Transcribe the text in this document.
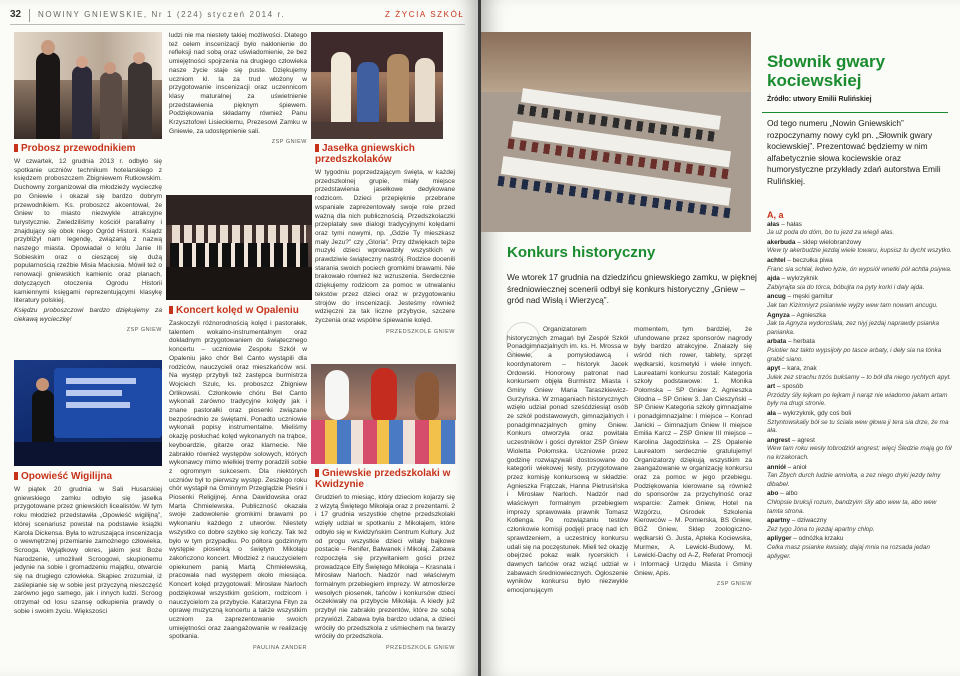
32 NOWINY GNIEWSKIE, Nr 1 (224) styczeń 2014 r.	Z ŻYCIA SZKÓŁ
FOT. ZS OPALENIE
Probosz przewodnikiem

W czwartek, 12 grudnia 2013 r. odbyło się spotkanie uczniów technikum hotelarskiego z księdzem proboszczem Zbigniewem Rutkowskim. Duchowny zorganizował dla młodzieży wycieczkę po Gniewie i okazał się bardzo dobrym przewodnikiem. Ks. proboszcz akcentował, że Gniew to miasto niezwykle atrakcyjne turystycznie. Zwiedziliśmy kościół parafialny i znajdujący się obok niego Ogród Historii. Ksiądz przybliżył nam legendę, związaną z nazwą naszego miasta. Opowiadał o królu Janie III Sobieskim oraz o cieszącej się dużą popularnością rzeźbie Misia Maciusia. Mówił też o renowacji gniewskich kamienic oraz planach, dotyczących otoczenia Ogrodu Historii kamiennymi księgami reprezentującymi klasykę literatury polskiej.

Księdzu proboszczowi bardzo dziękujemy za ciekawą wycieczkę!

ZSP GNIEW
Opowieść Wigilijna

W piątek 20 grudnia w Sali Husarskiej gniewskiego zamku odbyło się jasełka przygotowane przez gniewskich licealistów. W tym roku młodzież przedstawiła „Opowieść wigilijną”, której scenariusz powstał na podstawie książki Karola Dickensa. Była to wzruszająca inscenizacja o wewnętrznej przemianie zamożnego człowieka, Scrooga. Wyjątkowy okres, jakim jest Boże Narodzenie, umożliwił Scroogowi, skupionemu jedynie na sobie i gromadzeniu majątku, otwarcie się na drugiego człowieka. Skąpiec zrozumiał, iż zaślepianie się w sobie jest przyczyną nieszczęść zarówno jego samego, jak i innych ludzi. Scroog otrzymał od losu szansę odkupienia prawdy o sobie i swoim życiu. Większości

ludzi nie ma niestety takiej możliwości. Dlatego też celem inscenizacji było nakłonienie do refleksji nad sobą oraz uświadomienie, że bez umiejętności spojrzenia na drugiego człowieka nasze życie staje się puste. Dziękujemy uczniom kl. Ia za trud włożony w przygotowanie inscenizacji oraz uczennicom klasy maturalnej za uświetnienie przedstawienia pięknym śpiewem. Podziękowania składamy również Panu Krzysztofowi Lisieckiemu, Prezesowi Zamku w Gniewie, za udostępnienie sali.

ZSP GNIEW
Koncert kolęd w Opaleniu

Zaskoczyli różnorodnością kolęd i pastorałek, talentem wokalno-instrumentalnym oraz dokładnym przygotowaniem do świątecznego koncertu – uczniowie Zespołu Szkół w Opaleniu jako chór Bel Canto wystąpili dla rodziców, nauczycieli oraz mieszkańców wsi. Na występ przybyli też zastępca burmistrza Wojciech Szulc, ks. proboszcz Zbigniew Orlikowski. Członkowie chóru Bel Canto wykonali zarówno tradycyjne kolędy jak i znane pastorałki oraz piosenki związane bezpośrednio ze świętami. Ponadto uczniowie wykonali popisy instrumentalne. Mieliśmy okazję posłuchać kolęd wykonanych na trąbce, keyboardzie, gitarze oraz klarnecie. Nie zabrakło również występów solowych, których wykonawcy mimo wielkiej tremy poradzili sobie z ogromnym sukcesem. Dla niektórych uczniów był to pierwszy występ. Zeszłego roku chór wystąpił na Gminnym Przeglądzie Pieśni i Piosenki Religijnej. Anna Dawidowska oraz Marta Chmielewska. Publiczność okazała swoje zadowolenie gromkimi brawami po wykonaniu każdego z utworów. Niestety wszystko co dobre szybko się kończy. Tak też było w tym przypadku. Po półtora godzinnym występie piosenką o świętym Mikołaju zakończono koncert. Młodzież z nauczycielem opiekunem panią Martą Chmielewską, pracowała nad występem około miesiąca. Koncert kolęd przygotowali: Mirosław Narloch podziękował wszystkim gościom, rodzicom i nauczycielom za przybycie. Katarzyna Fityn za oprawę muzyczną koncertu a także wszystkim uczniom za zaprezentowanie swoich umiejętności oraz zaangażowanie w realizację spotkania.

PAULINA ZANDER
Jasełka gniewskich przedszkolaków

W tygodniu poprzedzającym święta, w każdej przedszkolnej grupie, miały miejsce przedstawienia jasełkowe dedykowane rodzicom. Dzieci przepięknie przebrane wspaniale zaprezentowały swoje role przed ważną dla nich publicznością. Przedszkolaczki przeplatały swe dialogi tradycyjnymi kolędami oraz tymi nowymi, np. „Gdzie Ty mieszkasz mały Jezu?” czy „Gloria”. Przy dźwiękach tejże muzyki dzieci wprowadziły wszystkich w prawdziwie świąteczny nastrój. Rodzice docenili starania swoich pociech gromkimi brawami. Nie brakowało również łez wzruszenia. Serdecznie dziękujemy rodzicom za pomoc w utrwalaniu tekstów przez dzieci oraz w przygotowaniu strojów do inscenizacji. Jesteśmy również wdzięczni za tak liczne przybycie, szczere życzenia oraz wspólne śpiewanie kolęd.

PRZEDSZKOLE GNIEW
Gniewskie przedszkolaki w Kwidzynie

Grudzień to miesiąc, który dzieciom kojarzy się z wizytą Świętego Mikołaja oraz z prezentami. 2 i 17 grudnia wszystkie chętne przedszkolaki wzięły udział w spotkaniu z Mikołajem, które odbyło się w Kwidzyńskim Centrum Kultury. Już od progu wszystkie dzieci witały bajkowe postacie – Renifer, Bałwanek i Mikołaj. Zabawa rozpoczęła się przywitaniem gości przez prowadzące Elfy Świętego Mikołaja – Krasnala i Mirosław Narloch. Nadzór nad właściwym formalnym przebiegiem imprezy. W atmosferze wesołych piosenek, tańców i konkursów dzieci oczekiwały na przybycie Mikołaja. A kiedy już przybył nie zabrakło prezentów, które ze sobą przywiózł. Zabawa była bardzo udana, a dzieci wróciły do przedszkola z uśmiechem na twarzy wróciły do przedszkola.

PRZEDSZKOLE GNIEW
Słownik gwary kociewskiej
Źródło: utwory Emilii Rulińskiej
Od tego numeru „Nowin Gniewskich” rozpoczynamy nowy cykl pn. „Słownik gwary kociewskiej”. Prezentować będziemy w nim alfabetycznie słowa kociewskie oraz humorystyczne przykłady zdań autorstwa Emili Rulińskiej.
A, a
ałas – hałas
Ja uż poda do dóm, bo tu jezd za wiegli ałas.
akerbuda – sklep wielobranżowy
Wew ty akerbudzie jezdaj wiele towaru, kupsisz tu dycht wszytko.
achtel – beczułka piwa
Franc sia schlał, ledwo łyzie, ón wypsiół wnetki pół achtla psiywa.
ajda – wykrzyknik
Zabiyrajta sia do tórca, bóbujta na pyty korki i daly ajda.
ancug – męski garnitur
Jak tan Kizimniyrz psianiwie wyjzy wew tam nowam ancugu.
Agnyza – Agnieszka
Jak ta Agnyza wydoroślała, zez niyj jezdaj naprawdy psianka panianka.
arbata – herbata
Psiotier tez takto wypsijoły po tasce arbaty, i deły sia na tónka grabić siano.
apyt – kara, znak
Julek zez strachu trzós bukśamy – to bół dla niego rychtych apyt.
art – sposób
Przódzy śliy lejkam po lejkam ji narąz nie wiadomo jakam artam były na drugi stronie.
ała – wykrzyknik, gdy coś boli
Sztyntowskaliy bół se tu ściała wew głowa ji tera sia drze, że ma ała.
angrest – agrest
Wew tam roku wesły tobrodziół angrest; więcj Śledzie mają go fół na krzakorach.
anniół – anioł
Tan Zbych durch ludzie anniołta, a zez niego dryki jezdy telny dibabeł.
abo – albo
Chłopsie bruksji rozum, bandzyim śliy abo wew ta, abo wew tamta strona.
apartny – dziwaczny
Zez tygo Jóna to jezdaj apartny chłop.
apliyger – odnóżka krzaku
Celka masz psianke kwsiaty, dajaj mnia na rozsada jedan apliyger.
Konkurs historyczny
We wtorek 17 grudnia na dziedzińcu gniewskiego zamku, w pięknej średniowiecznej scenerii odbył się konkurs historyczny „Gniew – gród nad Wisłą i Wierzycą”.

Organizatorem historycznych zmagań był Zespół Szkół Ponadgimnazjalnych im. ks. H. Mrossa w Gniewie, a pomysłodawcą i koordynatorem – historyk Jacek Ordowski. Honorowy patronat nad konkursem objęła Burmistrz Miasta i Gminy Gniew Maria Taraszkiewicz-Gurzyńska. W zmaganiach historycznych wzięło udział ponad sześćdziesiąt osób ze szkół podstawowych, gimnazjalnych i ponadgimnazjalnych gminy Gniew. Konkurs otworzyła oraz powitała uczestników i gości dyrektor ZSP Gniew Wioletta Połomska. Uczniowie przez godzinę rozwiązywali dostosowane do kategorii wiekowej testy, przygotowane przez komisję konkursową w składzie: Agnieszka Frątczak, Hanna Pietrusińska i Mirosław Narloch. Nadzór nad właściwym formalnym przebiegiem imprezy sprawowała prawnik Tomasz Kotlenga. Po rozwiązaniu testów członkowie komisji podjęli pracę nad ich sprawdzeniem, a uczestnicy konkursu udali się na poczęstunek. Mieli też okazję obejrzeć pokaz walk rycerskich i dawnych tańców oraz wziąć udział w zabawach średniowiecznych. Ogłoszenie wyników konkursu było niezwykle emocjonującym

momentem, tym bardziej, że ufundowane przez sponsorów nagrody były bardzo atrakcyjne. Znalazły się wśród nich rower, tablety, sprzęt wędkarski, kosmetyki i wiele innych. Laureatami konkursu zostali: Kategoria szkoły podstawowe: 1. Monika Połomska – SP Gniew 2. Agnieszka Głodna – SP Gniew 3. Jan Cieszyński – SP Gniew Kategoria szkoły gimnazjalne i ponadgimnazjalne: I miejsce – Konrad Janicki – Gimnazjum Gniew II miejsce Emilia Karcz – ZSP Gniew III miejsce – Karolina Jagodzińska – ZS Opalenie Laureatom serdecznie gratulujemy! Organizatorzy dziękują wszystkim za zaangażowanie w organizację konkursu oraz za pomoc w jego przebiegu. Podziękowania kierowane są również do sponsorów za przychylność oraz wsparcie: Zamek Gniew, Hotel na Wzgórzu, Ośrodek Szkolenia Kierowców – M. Pomierska, BS Gniew, BGŻ Gniew, Sklep zoologiczno-wędkarski G. Justa, Apteka Kociewska, Murmex, A. Lewicki-Budowy, M. Lewicki-Dachy od A-Z, Referat Promocji i Informacji Urzędu Miasta i Gminy Gniew, Apis.

ZSP GNIEW
